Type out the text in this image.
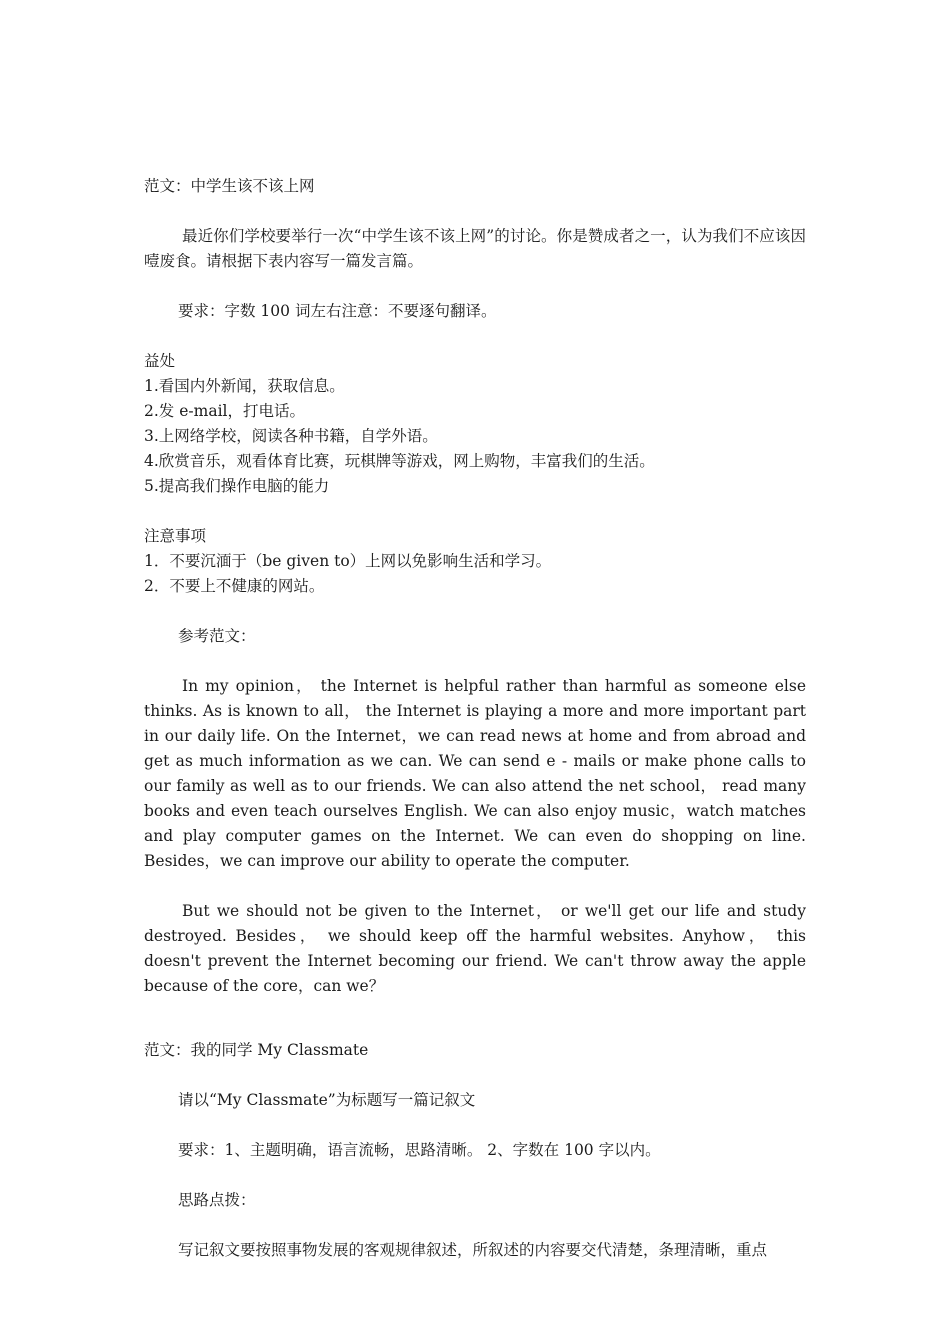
范文：中学生该不该上网
最近你们学校要举行一次“中学生该不该上网”的讨论。你是赞成者之一，认为我们不应该因噎废食。请根据下表内容写一篇发言篇。
要求：字数 100 词左右注意：不要逐句翻译。
益处
1.看国内外新闻，获取信息。
2.发 e-mail，打电话。
3.上网络学校，阅读各种书籍，自学外语。
4.欣赏音乐，观看体育比赛，玩棋牌等游戏，网上购物，丰富我们的生活。
5.提高我们操作电脑的能力
注意事项
1．不要沉湎于（be given to）上网以免影响生活和学习。
2．不要上不健康的网站。
参考范文：
In my opinion， the Internet is helpful rather than harmful as someone else thinks. As is known to all， the Internet is playing a more and more important part in our daily life. On the Internet，we can read news at home and from abroad and get as much information as we can. We can send e - mails or make phone calls to our family as well as to our friends. We can also attend the net school， read many books and even teach ourselves English. We can also enjoy music，watch matches and play computer games on the Internet. We can even do shopping on line. Besides，we can improve our ability to operate the computer.
But we should not be given to the Internet， or we'll get our life and study destroyed. Besides， we should keep off the harmful websites. Anyhow， this doesn't prevent the Internet becoming our friend. We can't throw away the apple because of the core，can we？
范文：我的同学 My Classmate
请以“My Classmate”为标题写一篇记叙文
要求：1、主题明确，语言流畅，思路清晰。 2、字数在 100 字以内。
思路点拨：
写记叙文要按照事物发展的客观规律叙述，所叙述的内容要交代清楚，条理清晰，重点
